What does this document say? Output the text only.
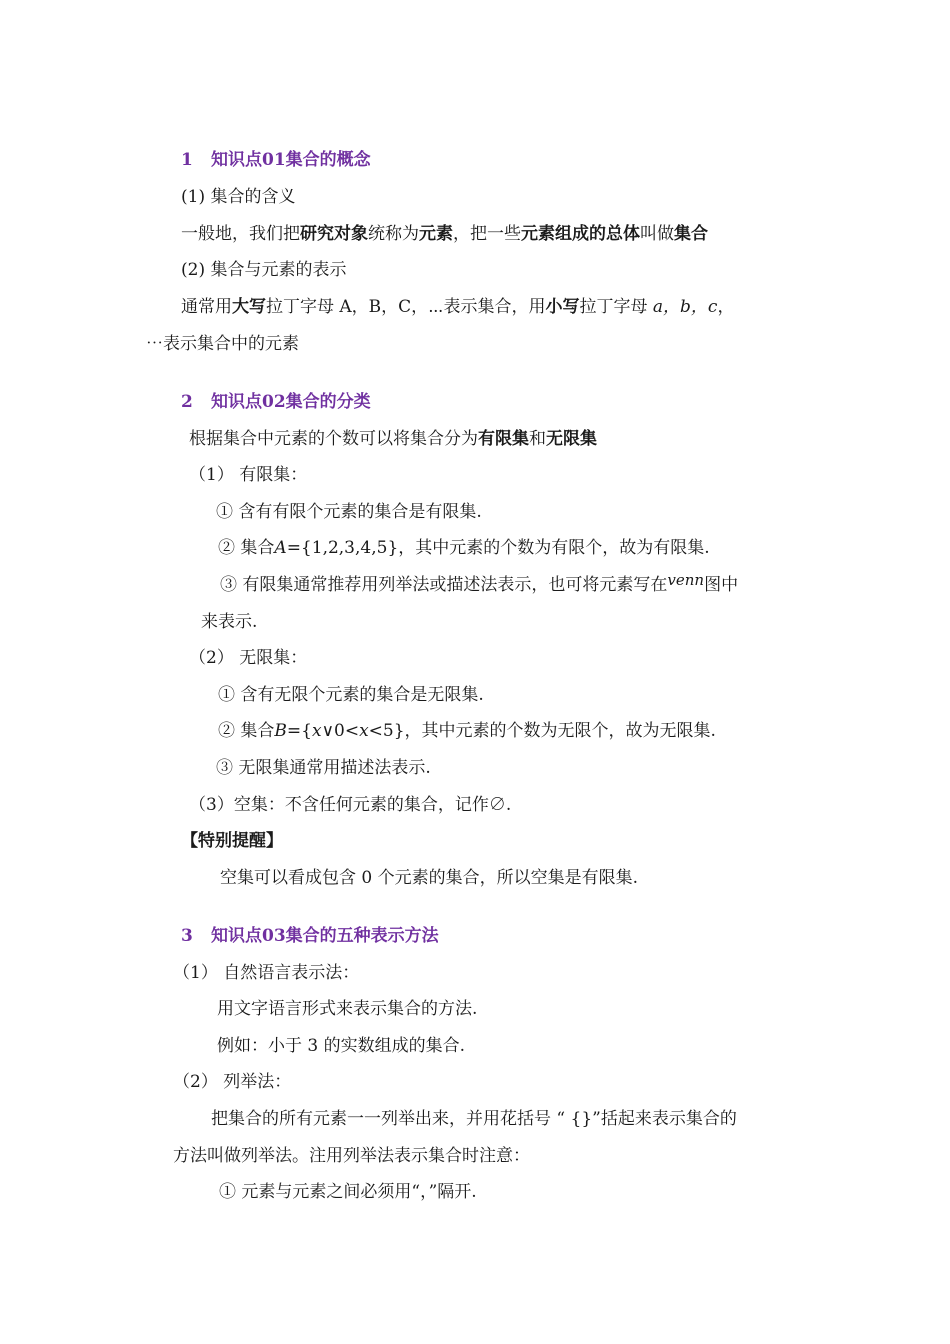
1 知识点01集合的概念
(1) 集合的含义
一般地，我们把研究对象统称为元素，把一些元素组成的总体叫做集合
(2) 集合与元素的表示
通常用大写拉丁字母 A，B，C，⋯表示集合，用小写拉丁字母 a，b，c，
⋯表示集合中的元素
2 知识点02集合的分类
根据集合中元素的个数可以将集合分为有限集和无限集
（1） 有限集：
① 含有有限个元素的集合是有限集.
② 集合A={1,2,3,4,5}，其中元素的个数为有限个，故为有限集.
③ 有限集通常推荐用列举法或描述法表示，也可将元素写在venn图中
来表示.
（2） 无限集：
① 含有无限个元素的集合是无限集.
② 集合B={x∨0<x<5}，其中元素的个数为无限个，故为无限集.
③ 无限集通常用描述法表示.
（3）空集：不含任何元素的集合，记作∅.
【特别提醒】
空集可以看成包含 0 个元素的集合，所以空集是有限集.
3 知识点03集合的五种表示方法
（1） 自然语言表示法：
用文字语言形式来表示集合的方法.
例如：小于 3 的实数组成的集合.
（2） 列举法：
把集合的所有元素一一列举出来，并用花括号 “ {}”括起来表示集合的
方法叫做列举法。注用列举法表示集合时注意：
① 元素与元素之间必须用“，”隔开.
